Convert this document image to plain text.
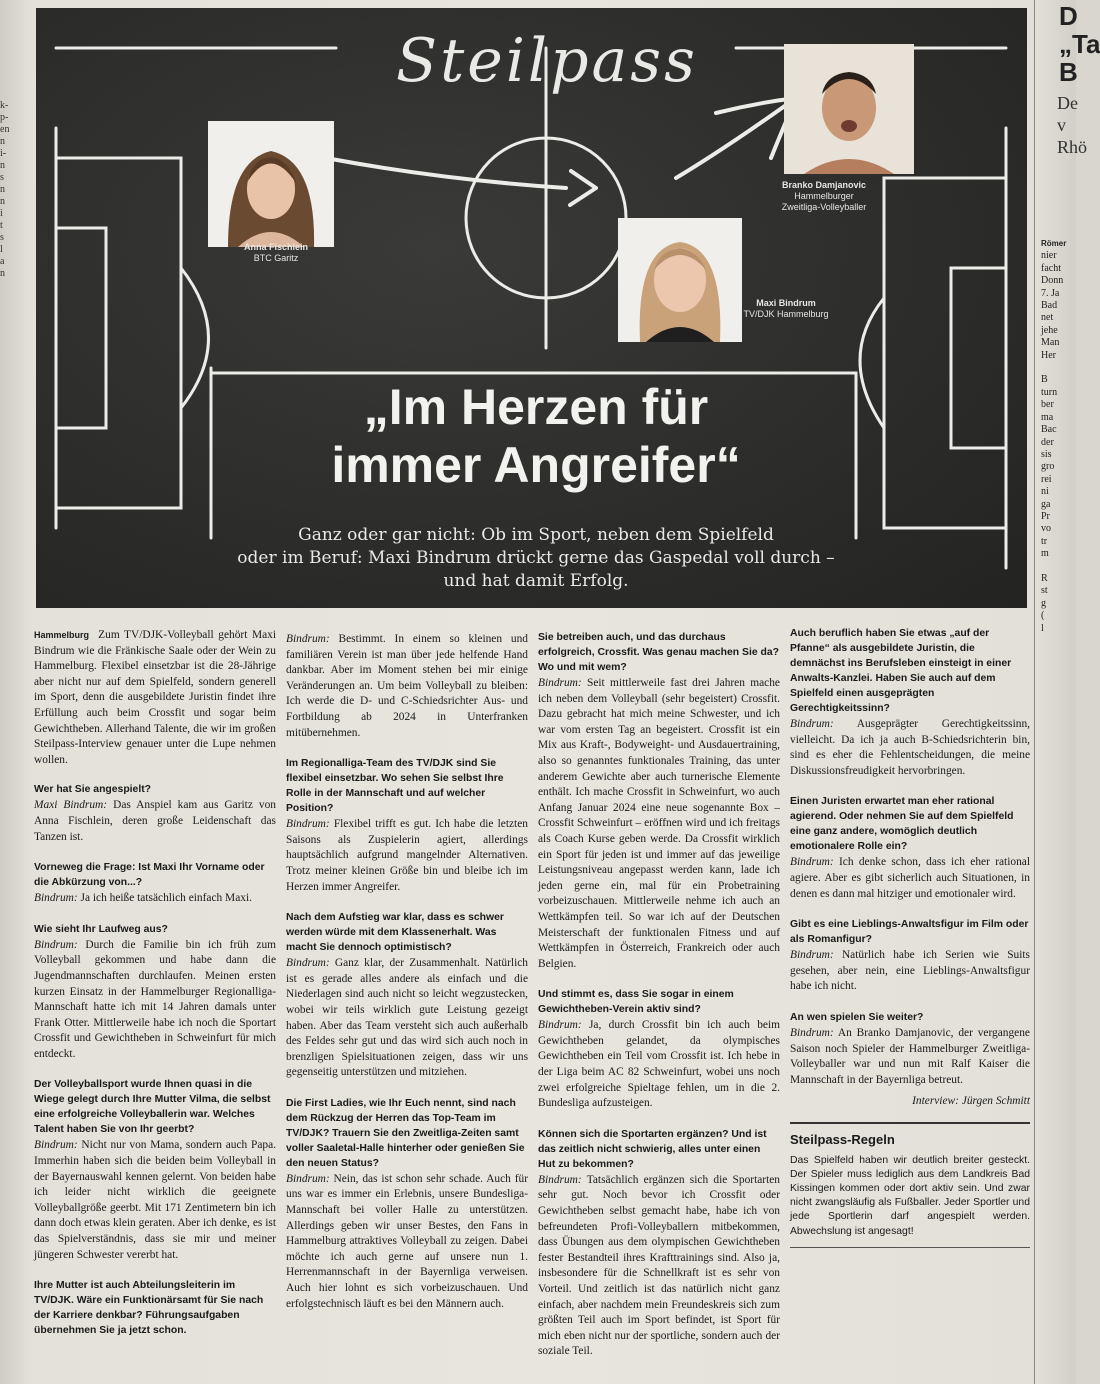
k-
p-
en
n
i-
n
s
n
n
i
t
s
l
a
n
D
„Ta
B
De
v
Rhö
Römer
nier
facht
Donn
7. Ja
Bad
net
jehe
Man
Her

B
turn
ber
ma
Bac
der
sis
gro
rei
ni
ga
Pr
vo
tr
m

R
st
g
(
l
Steilpass
Anna Fischlein
BTC Garitz
Maxi Bindrum
TV/DJK Hammelburg
Branko Damjanovic
Hammelburger
Zweitliga-Volleyballer
„Im Herzen für
immer Angreifer“
Ganz oder gar nicht: Ob im Sport, neben dem Spielfeld
oder im Beruf: Maxi Bindrum drückt gerne das Gaspedal voll durch –
und hat damit Erfolg.

Hammelburg Zum TV/DJK-Volleyball gehört Maxi Bindrum wie die Fränkische Saale oder der Wein zu Hammelburg. Flexibel einsetzbar ist die 28-Jährige aber nicht nur auf dem Spielfeld, sondern generell im Sport, denn die ausgebildete Juristin findet ihre Erfüllung auch beim Crossfit und sogar beim Gewichtheben. Allerhand Talente, die wir im großen Steilpass-Interview genauer unter die Lupe nehmen wollen.

Wer hat Sie angespielt?
Maxi Bindrum: Das Anspiel kam aus Garitz von Anna Fischlein, deren große Leidenschaft das Tanzen ist.
Vorneweg die Frage: Ist Maxi Ihr Vorname oder die Abkürzung von...?
Bindrum: Ja ich heiße tatsächlich einfach Maxi.
Wie sieht Ihr Laufweg aus?
Bindrum: Durch die Familie bin ich früh zum Volleyball gekommen und habe dann die Jugendmannschaften durchlaufen. Meinen ersten kurzen Einsatz in der Hammelburger Regionalliga-Mannschaft hatte ich mit 14 Jahren damals unter Frank Otter. Mittlerweile habe ich noch die Sportart Crossfit und Gewichtheben in Schweinfurt für mich entdeckt.
Der Volleyballsport wurde Ihnen quasi in die Wiege gelegt durch Ihre Mutter Vilma, die selbst eine erfolgreiche Volleyballerin war. Welches Talent haben Sie von Ihr geerbt?
Bindrum: Nicht nur von Mama, sondern auch Papa. Immerhin haben sich die beiden beim Volleyball in der Bayernauswahl kennen gelernt. Von beiden habe ich leider nicht wirklich die geeignete Volleyballgröße geerbt. Mit 171 Zentimetern bin ich dann doch etwas klein geraten. Aber ich denke, es ist das Spielverständnis, dass sie mir und meiner jüngeren Schwester vererbt hat.
Ihre Mutter ist auch Abteilungsleiterin im TV/DJK. Wäre ein Funktionärsamt für Sie nach der Karriere denkbar? Führungsaufgaben übernehmen Sie ja jetzt schon.
Bindrum: Bestimmt. In einem so kleinen und familiären Verein ist man über jede helfende Hand dankbar. Aber im Moment stehen bei mir einige Veränderungen an. Um beim Volleyball zu bleiben: Ich werde die D- und C-Schiedsrichter Aus- und Fortbildung ab 2024 in Unterfranken mitübernehmen.
Im Regionalliga-Team des TV/DJK sind Sie flexibel einsetzbar. Wo sehen Sie selbst Ihre Rolle in der Mannschaft und auf welcher Position?
Bindrum: Flexibel trifft es gut. Ich habe die letzten Saisons als Zuspielerin agiert, allerdings hauptsächlich aufgrund mangelnder Alternativen. Trotz meiner kleinen Größe bin und bleibe ich im Herzen immer Angreifer.
Nach dem Aufstieg war klar, dass es schwer werden würde mit dem Klassenerhalt. Was macht Sie dennoch optimistisch?
Bindrum: Ganz klar, der Zusammenhalt. Natürlich ist es gerade alles andere als einfach und die Niederlagen sind auch nicht so leicht wegzustecken, wobei wir teils wirklich gute Leistung gezeigt haben. Aber das Team versteht sich auch außerhalb des Feldes sehr gut und das wird sich auch noch in brenzligen Spielsituationen zeigen, dass wir uns gegenseitig unterstützen und mitziehen.
Die First Ladies, wie Ihr Euch nennt, sind nach dem Rückzug der Herren das Top-Team im TV/DJK? Trauern Sie den Zweitliga-Zeiten samt voller Saaletal-Halle hinterher oder genießen Sie den neuen Status?
Bindrum: Nein, das ist schon sehr schade. Auch für uns war es immer ein Erlebnis, unsere Bundesliga-Mannschaft bei voller Halle zu unterstützen. Allerdings geben wir unser Bestes, den Fans in Hammelburg attraktives Volleyball zu zeigen. Dabei möchte ich auch gerne auf unsere nun 1. Herrenmannschaft in der Bayernliga verweisen. Auch hier lohnt es sich vorbeizuschauen. Und erfolgstechnisch läuft es bei den Männern auch.
Sie betreiben auch, und das durchaus erfolgreich, Crossfit. Was genau machen Sie da? Wo und mit wem?
Bindrum: Seit mittlerweile fast drei Jahren mache ich neben dem Volleyball (sehr begeistert) Crossfit. Dazu gebracht hat mich meine Schwester, und ich war vom ersten Tag an begeistert. Crossfit ist ein Mix aus Kraft-, Bodyweight- und Ausdauertraining, also so genanntes funktionales Training, das unter anderem Gewichte aber auch turnerische Elemente enthält. Ich mache Crossfit in Schweinfurt, wo auch Anfang Januar 2024 eine neue sogenannte Box – Crossfit Schweinfurt – eröffnen wird und ich freitags als Coach Kurse geben werde. Da Crossfit wirklich ein Sport für jeden ist und immer auf das jeweilige Leistungsniveau angepasst werden kann, lade ich jeden gerne ein, mal für ein Probetraining vorbeizuschauen. Mittlerweile nehme ich auch an Wettkämpfen teil. So war ich auf der Deutschen Meisterschaft der funktionalen Fitness und auf Wettkämpfen in Österreich, Frankreich oder auch Belgien.
Und stimmt es, dass Sie sogar in einem Gewichtheben-Verein aktiv sind?
Bindrum: Ja, durch Crossfit bin ich auch beim Gewichtheben gelandet, da olympisches Gewichtheben ein Teil vom Crossfit ist. Ich hebe in der Liga beim AC 82 Schweinfurt, wobei uns noch zwei erfolgreiche Spieltage fehlen, um in die 2. Bundesliga aufzusteigen.
Können sich die Sportarten ergänzen? Und ist das zeitlich nicht schwierig, alles unter einen Hut zu bekommen?
Bindrum: Tatsächlich ergänzen sich die Sportarten sehr gut. Noch bevor ich Crossfit oder Gewichtheben selbst gemacht habe, habe ich von befreundeten Profi-Volleyballern mitbekommen, dass Übungen aus dem olympischen Gewichtheben fester Bestandteil ihres Krafttrainings sind. Also ja, insbesondere für die Schnellkraft ist es sehr von Vorteil. Und zeitlich ist das natürlich nicht ganz einfach, aber nachdem mein Freundeskreis sich zum größten Teil auch im Sport befindet, ist Sport für mich eben nicht nur der sportliche, sondern auch der soziale Teil.
Auch beruflich haben Sie etwas „auf der Pfanne“ als ausgebildete Juristin, die demnächst ins Berufsleben einsteigt in einer Anwalts-Kanzlei. Haben Sie auch auf dem Spielfeld einen ausgeprägten Gerechtigkeitssinn?
Bindrum: Ausgeprägter Gerechtigkeitssinn, vielleicht. Da ich ja auch B-Schiedsrichterin bin, sind es eher die Fehlentscheidungen, die meine Diskussionsfreudigkeit hervorbringen.
Einen Juristen erwartet man eher rational agierend. Oder nehmen Sie auf dem Spielfeld eine ganz andere, womöglich deutlich emotionalere Rolle ein?
Bindrum: Ich denke schon, dass ich eher rational agiere. Aber es gibt sicherlich auch Situationen, in denen es dann mal hitziger und emotionaler wird.
Gibt es eine Lieblings-Anwaltsfigur im Film oder als Romanfigur?
Bindrum: Natürlich habe ich Serien wie Suits gesehen, aber nein, eine Lieblings-Anwaltsfigur habe ich nicht.
An wen spielen Sie weiter?
Bindrum: An Branko Damjanovic, der vergangene Saison noch Spieler der Hammelburger Zweitliga-Volleyballer war und nun mit Ralf Kaiser die Mannschaft in der Bayernliga betreut.
Interview: Jürgen Schmitt
Steilpass-Regeln

Das Spielfeld haben wir deutlich breiter gesteckt. Der Spieler muss lediglich aus dem Landkreis Bad Kissingen kommen oder dort aktiv sein. Und zwar nicht zwangsläufig als Fußballer. Jeder Sportler und jede Sportlerin darf angespielt werden. Abwechslung ist angesagt!
